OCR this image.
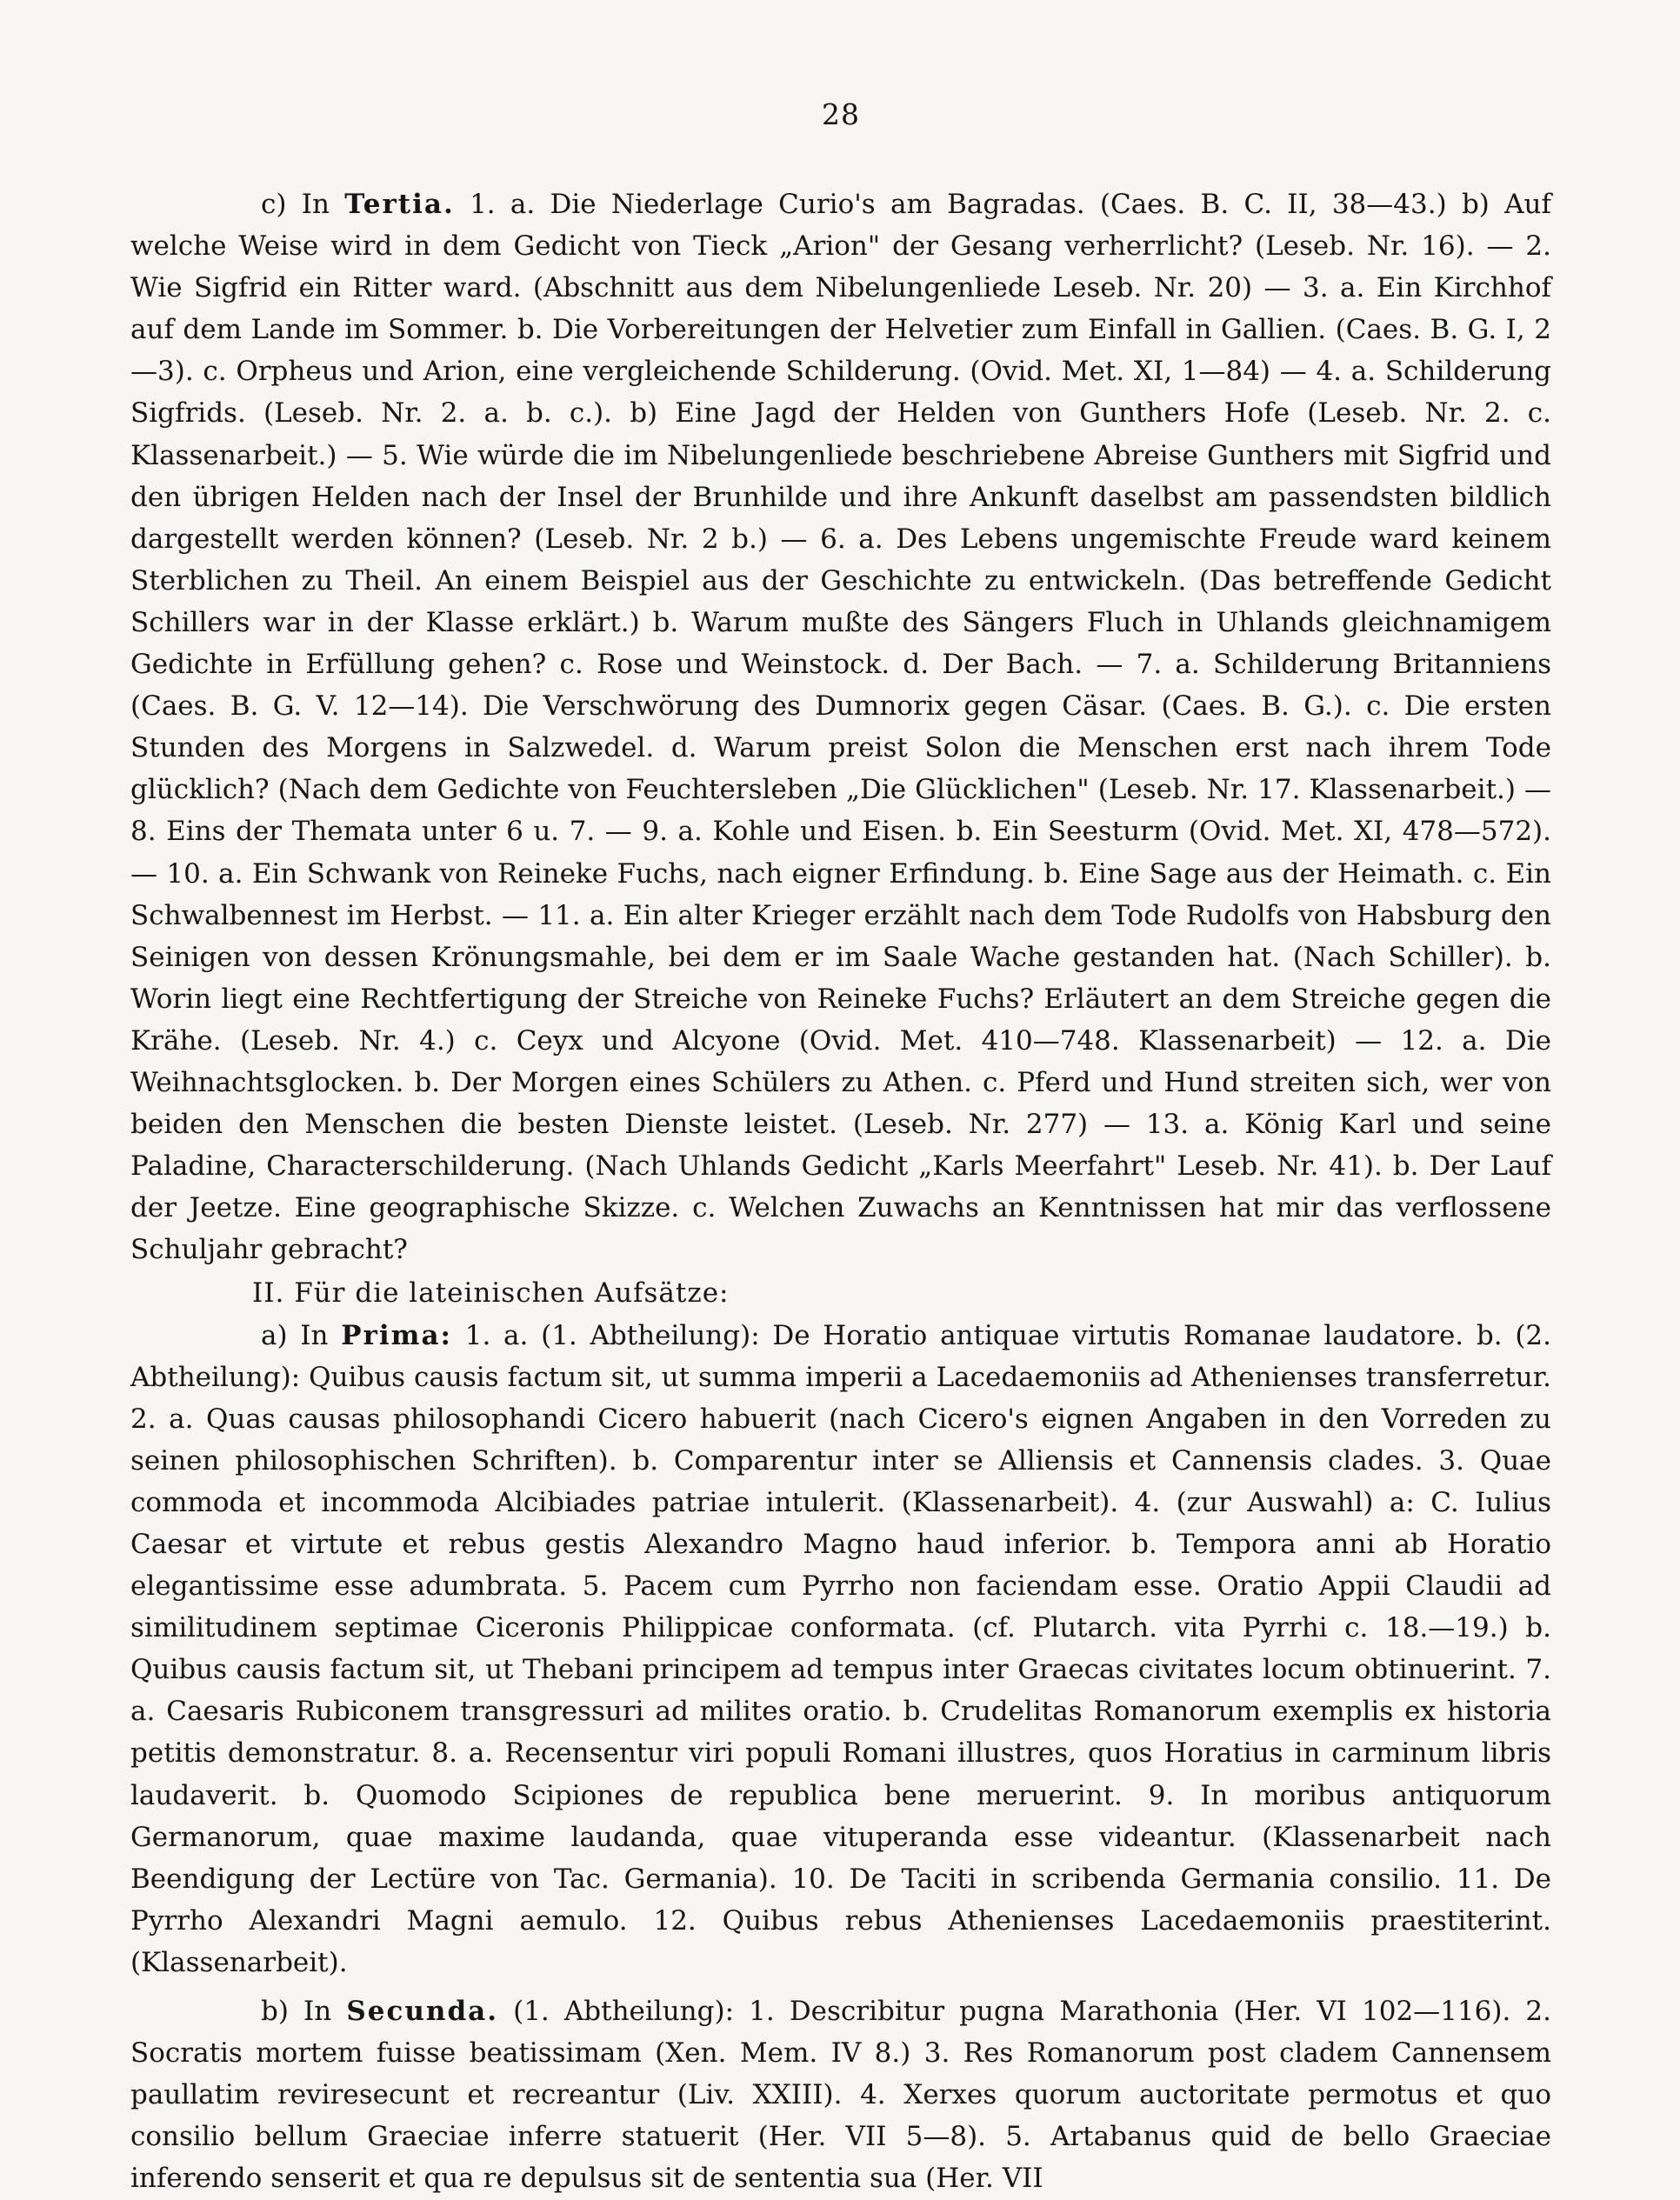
28

c) In Tertia. 1. a. Die Niederlage Curio's am Bagradas. (Caes. B. C. II, 38—43.) b) Auf welche Weise wird in dem Gedicht von Tieck „Arion" der Gesang verherrlicht? (Leseb. Nr. 16). — 2. Wie Sigfrid ein Ritter ward. (Abschnitt aus dem Nibelungenliede Leseb. Nr. 20) — 3. a. Ein Kirchhof auf dem Lande im Sommer. b. Die Vorbereitungen der Helvetier zum Einfall in Gallien. (Caes. B. G. I, 2—3). c. Orpheus und Arion, eine vergleichende Schilderung. (Ovid. Met. XI, 1—84) — 4. a. Schilderung Sigfrids. (Leseb. Nr. 2. a. b. c.). b) Eine Jagd der Helden von Gunthers Hofe (Leseb. Nr. 2. c. Klassenarbeit.) — 5. Wie würde die im Nibelungenliede beschriebene Abreise Gunthers mit Sigfrid und den übrigen Helden nach der Insel der Brunhilde und ihre Ankunft daselbst am passendsten bildlich dargestellt werden können? (Leseb. Nr. 2 b.) — 6. a. Des Lebens ungemischte Freude ward keinem Sterblichen zu Theil. An einem Beispiel aus der Geschichte zu entwickeln. (Das betreffende Gedicht Schillers war in der Klasse erklärt.) b. Warum mußte des Sängers Fluch in Uhlands gleichnamigem Gedichte in Erfüllung gehen? c. Rose und Weinstock. d. Der Bach. — 7. a. Schilderung Britanniens (Caes. B. G. V. 12—14). Die Verschwörung des Dumnorix gegen Cäsar. (Caes. B. G.). c. Die ersten Stunden des Morgens in Salzwedel. d. Warum preist Solon die Menschen erst nach ihrem Tode glücklich? (Nach dem Gedichte von Feuchtersleben „Die Glücklichen" (Leseb. Nr. 17. Klassenarbeit.) — 8. Eins der Themata unter 6 u. 7. — 9. a. Kohle und Eisen. b. Ein Seesturm (Ovid. Met. XI, 478—572). — 10. a. Ein Schwank von Reineke Fuchs, nach eigner Erfindung. b. Eine Sage aus der Heimath. c. Ein Schwalbennest im Herbst. — 11. a. Ein alter Krieger erzählt nach dem Tode Rudolfs von Habsburg den Seinigen von dessen Krönungsmahle, bei dem er im Saale Wache gestanden hat. (Nach Schiller). b. Worin liegt eine Rechtfertigung der Streiche von Reineke Fuchs? Erläutert an dem Streiche gegen die Krähe. (Leseb. Nr. 4.) c. Ceyx und Alcyone (Ovid. Met. 410—748. Klassenarbeit) — 12. a. Die Weihnachtsglocken. b. Der Morgen eines Schülers zu Athen. c. Pferd und Hund streiten sich, wer von beiden den Menschen die besten Dienste leistet. (Leseb. Nr. 277) — 13. a. König Karl und seine Paladine, Characterschilderung. (Nach Uhlands Gedicht „Karls Meerfahrt" Leseb. Nr. 41). b. Der Lauf der Jeetze. Eine geographische Skizze. c. Welchen Zuwachs an Kenntnissen hat mir das verflossene Schuljahr gebracht?

II. Für die lateinischen Aufsätze:

a) In Prima: 1. a. (1. Abtheilung): De Horatio antiquae virtutis Romanae laudatore. b. (2. Abtheilung): Quibus causis factum sit, ut summa imperii a Lacedaemoniis ad Athenienses transferretur. 2. a. Quas causas philosophandi Cicero habuerit (nach Cicero's eignen Angaben in den Vorreden zu seinen philosophischen Schriften). b. Comparentur inter se Alliensis et Cannensis clades. 3. Quae commoda et incommoda Alcibiades patriae intulerit. (Klassenarbeit). 4. (zur Auswahl) a: C. Iulius Caesar et virtute et rebus gestis Alexandro Magno haud inferior. b. Tempora anni ab Horatio elegantissime esse adumbrata. 5. Pacem cum Pyrrho non faciendam esse. Oratio Appii Claudii ad similitudinem septimae Ciceronis Philippicae conformata. (cf. Plutarch. vita Pyrrhi c. 18.—19.) b. Quibus causis factum sit, ut Thebani principem ad tempus inter Graecas civitates locum obtinuerint. 7. a. Caesaris Rubiconem transgressuri ad milites oratio. b. Crudelitas Romanorum exemplis ex historia petitis demonstratur. 8. a. Recensentur viri populi Romani illustres, quos Horatius in carminum libris laudaverit. b. Quomodo Scipiones de republica bene meruerint. 9. In moribus antiquorum Germanorum, quae maxime laudanda, quae vituperanda esse videantur. (Klassenarbeit nach Beendigung der Lectüre von Tac. Germania). 10. De Taciti in scribenda Germania consilio. 11. De Pyrrho Alexandri Magni aemulo. 12. Quibus rebus Athenienses Lacedaemoniis praestiterint. (Klassenarbeit).

b) In Secunda. (1. Abtheilung): 1. Describitur pugna Marathonia (Her. VI 102—116). 2. Socratis mortem fuisse beatissimam (Xen. Mem. IV 8.) 3. Res Romanorum post cladem Cannensem paullatim reviresecunt et recreantur (Liv. XXIII). 4. Xerxes quorum auctoritate permotus et quo consilio bellum Graeciae inferre statuerit (Her. VII 5—8). 5. Artabanus quid de bello Graeciae inferendo senserit et qua re depulsus sit de sententia sua (Her. VII
